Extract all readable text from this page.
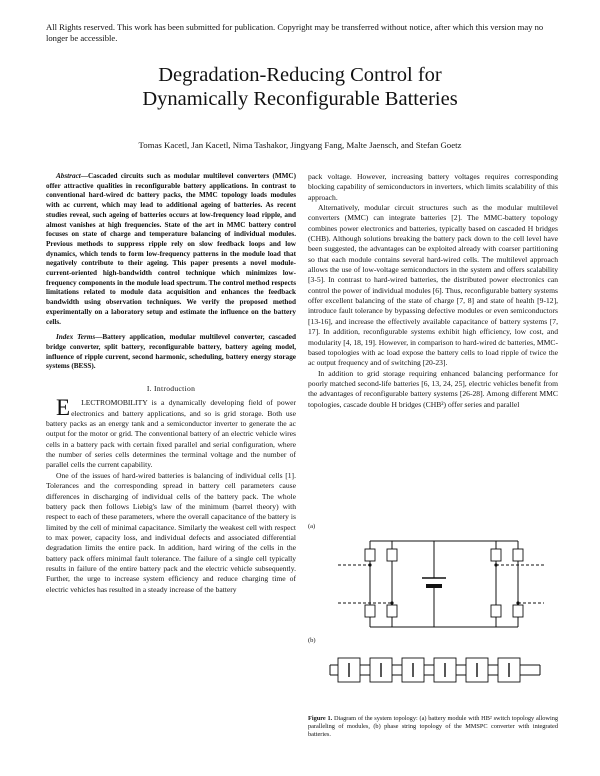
All Rights reserved. This work has been submitted for publication. Copyright may be transferred without notice, after which this version may no longer be accessible.
Degradation-Reducing Control for
Dynamically Reconfigurable Batteries
Tomas Kacetl, Jan Kacetl, Nima Tashakor, Jingyang Fang, Malte Jaensch, and Stefan Goetz

Abstract—Cascaded circuits such as modular multilevel converters (MMC) offer attractive qualities in reconfigurable battery applications. In contrast to conventional hard-wired dc battery packs, the MMC topology loads modules with ac current, which may lead to additional ageing of batteries. As recent studies reveal, such ageing of batteries occurs at low-frequency load ripple, and almost vanishes at high frequencies. State of the art in MMC battery control focuses on state of charge and temperature balancing of individual modules. Previous methods to suppress ripple rely on slow feedback loops and low dynamics, which tends to form low-frequency patterns in the module load that negatively contribute to their ageing. This paper presents a novel module-current-oriented high-bandwidth control technique which minimizes low-frequency components in the module load spectrum. The control method respects limitations related to module data acquisition and enhances the feedback bandwidth using observation techniques. We verify the proposed method experimentally on a laboratory setup and estimate the influence on the battery cells.

Index Terms—Battery application, modular multilevel converter, cascaded bridge converter, split battery, reconfigurable battery, battery ageing model, influence of ripple current, second harmonic, scheduling, battery energy storage systems (BESS).

I. Introduction

ELECTROMOBILITY is a dynamically developing field of power electronics and battery applications, and so is grid storage. Both use battery packs as an energy tank and a semiconductor inverter to generate the ac output for the motor or grid. The conventional battery of an electric vehicle wires cells in a battery pack with certain fixed parallel and serial configuration, where the number of series cells determines the terminal voltage and the number of parallel cells the current capability.

One of the issues of hard-wired batteries is balancing of individual cells [1]. Tolerances and the corresponding spread in battery cell parameters cause differences in discharging of individual cells of the battery pack. The whole battery pack then follows Liebig's law of the minimum (barrel theory) with respect to each of these parameters, where the overall capacitance of the battery is limited by the cell of minimal capacitance. Similarly the weakest cell with respect to max power, capacity loss, and individual defects and associated differential degradation limits the entire pack. In addition, hard wiring of the cells in the battery pack offers minimal fault tolerance. The failure of a single cell typically results in failure of the entire battery pack and the electric vehicle subsequently. Further, the urge to increase system efficiency and reduce charging time of electric vehicles has resulted in a steady increase of the battery

pack voltage. However, increasing battery voltages requires corresponding blocking capability of semiconductors in inverters, which limits scalability of this approach.

Alternatively, modular circuit structures such as the modular multilevel converters (MMC) can integrate batteries [2]. The MMC-battery topology combines power electronics and batteries, typically based on cascaded H bridges (CHB). Although solutions breaking the battery pack down to the cell level have been suggested, the advantages can be exploited already with coarser partitioning so that each module contains several hard-wired cells. The multilevel approach allows the use of low-voltage semiconductors in the system and offers scalability [3-5]. In contrast to hard-wired batteries, the distributed power electronics can control the power of individual modules [6]. Thus, reconfigurable battery systems offer excellent balancing of the state of charge [7, 8] and state of health [9-12], introduce fault tolerance by bypassing defective modules or even semiconductors [13-16], and increase the effectively available capacitance of battery systems [7, 17]. In addition, reconfigurable systems exhibit high efficiency, low cost, and modularity [4, 18, 19]. However, in comparison to hard-wired dc batteries, MMC-based topologies with ac load expose the battery cells to load ripple of twice the ac output frequency and of switching [20-23].

In addition to grid storage requiring enhanced balancing performance for poorly matched second-life batteries [6, 13, 24, 25], electric vehicles benefit from the advantages of reconfigurable battery systems [26-28]. Among different MMC topologies, cascade double H bridges (CHB²) offer series and parallel

(a)
(b)
Figure 1. Diagram of the system topology: (a) battery module with HB² switch topology allowing paralleling of modules, (b) phase string topology of the MMSPC converter with integrated batteries.
